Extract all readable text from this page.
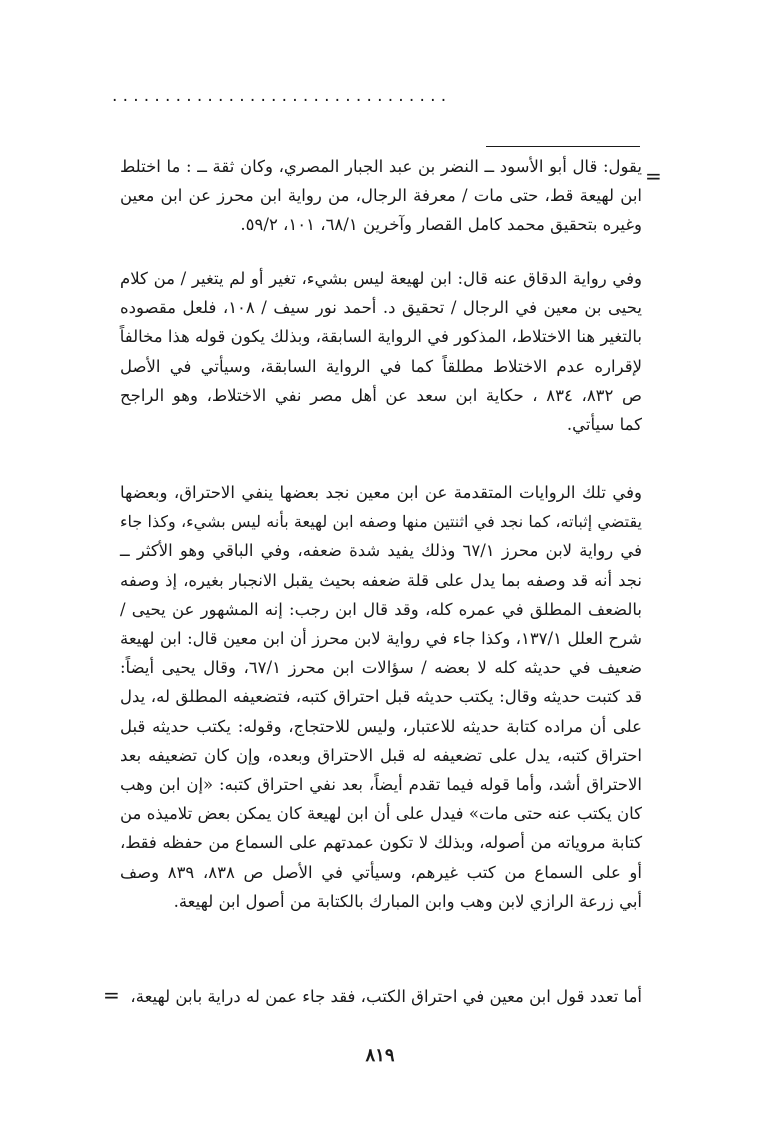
................................
=
يقول: قال أبو الأسود ــ النضر بن عبد الجبار المصري، وكان ثقة ــ : ما اختلط
ابن لهيعة قط، حتى مات / معرفة الرجال، من رواية ابن محرز عن ابن معين
وغيره بتحقيق محمد كامل القصار وآخرين ٦٨/١، ١٠١، ٥٩/٢.
وفي رواية الدقاق عنه قال: ابن لهيعة ليس بشيء، تغير أو لم يتغير / من كلام
يحيى بن معين في الرجال / تحقيق د. أحمد نور سيف / ١٠٨، فلعل مقصوده
بالتغير هنا الاختلاط، المذكور في الرواية السابقة، وبذلك يكون قوله هذا مخالفاً
لإقراره عدم الاختلاط مطلقاً كما في الرواية السابقة، وسيأتي في الأصل
ص ٨٣٢، ٨٣٤ ، حكاية ابن سعد عن أهل مصر نفي الاختلاط، وهو الراجح
كما سيأتي.
وفي تلك الروايات المتقدمة عن ابن معين نجد بعضها ينفي الاحتراق، وبعضها
يقتضي إثباته، كما نجد في اثنتين منها وصفه ابن لهيعة بأنه ليس بشيء، وكذا جاء
في رواية لابن محرز ٦٧/١ وذلك يفيد شدة ضعفه، وفي الباقي وهو الأكثر ــ
نجد أنه قد وصفه بما يدل على قلة ضعفه بحيث يقبل الانجبار بغيره، إذ وصفه
بالضعف المطلق في عمره كله، وقد قال ابن رجب: إنه المشهور عن يحيى /
شرح العلل ١٣٧/١، وكذا جاء في رواية لابن محرز أن ابن معين قال: ابن لهيعة
ضعيف في حديثه كله لا بعضه / سؤالات ابن محرز ٦٧/١، وقال يحيى أيضاً:
قد كتبت حديثه وقال: يكتب حديثه قبل احتراق كتبه، فتضعيفه المطلق له، يدل
على أن مراده كتابة حديثه للاعتبار، وليس للاحتجاج، وقوله: يكتب حديثه قبل
احتراق كتبه، يدل على تضعيفه له قبل الاحتراق وبعده، وإن كان تضعيفه بعد
الاحتراق أشد، وأما قوله فيما تقدم أيضاً، بعد نفي احتراق كتبه: «إن ابن وهب
كان يكتب عنه حتى مات» فيدل على أن ابن لهيعة كان يمكن بعض تلاميذه من
كتابة مروياته من أصوله، وبذلك لا تكون عمدتهم على السماع من حفظه فقط،
أو على السماع من كتب غيرهم، وسيأتي في الأصل ص ٨٣٨، ٨٣٩ وصف
أبي زرعة الرازي لابن وهب وابن المبارك بالكتابة من أصول ابن لهيعة.
أما تعدد قول ابن معين في احتراق الكتب، فقد جاء عمن له دراية بابن لهيعة،
=
٨١٩
